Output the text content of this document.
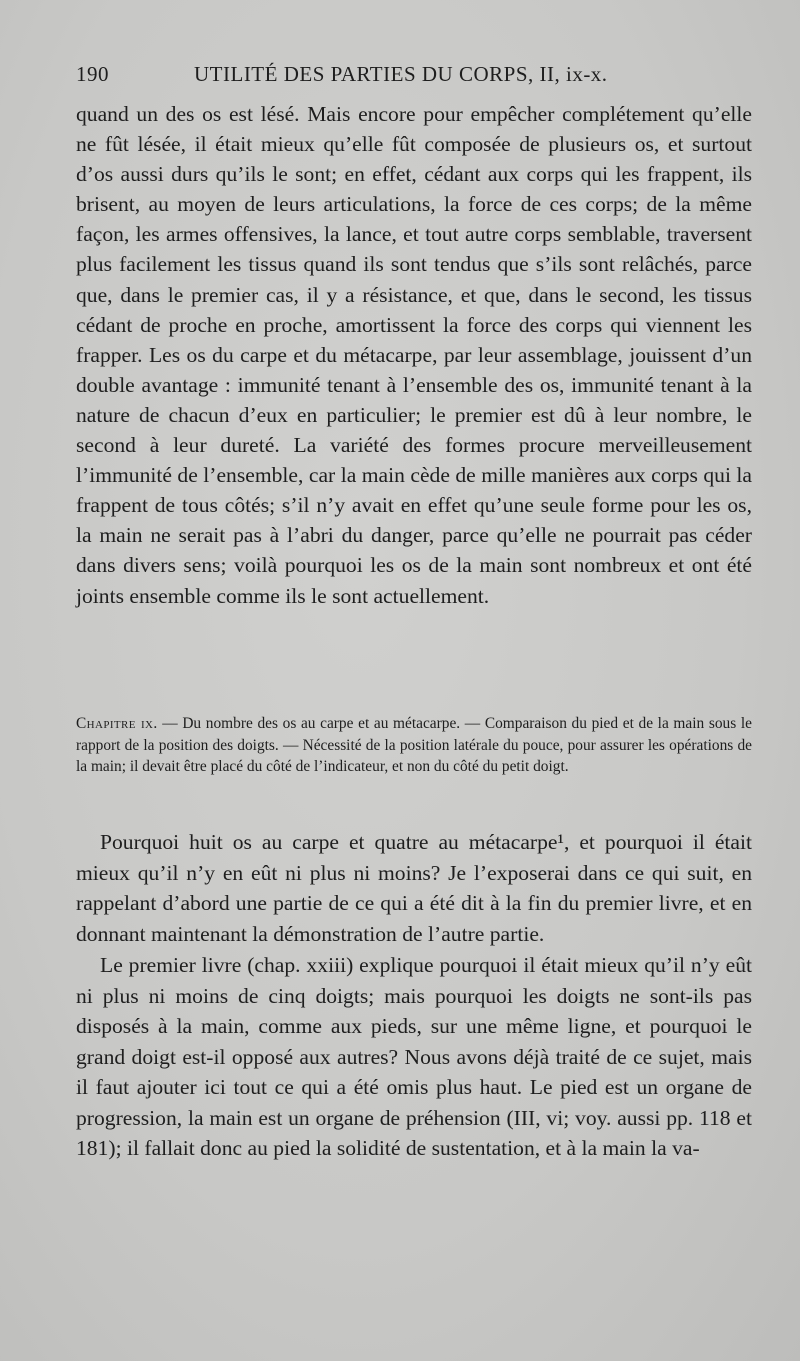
190	UTILITÉ DES PARTIES DU CORPS, II, ix-x.

quand un des os est lésé. Mais encore pour empêcher complétement qu’elle ne fût lésée, il était mieux qu’elle fût composée de plusieurs os, et surtout d’os aussi durs qu’ils le sont; en effet, cédant aux corps qui les frappent, ils brisent, au moyen de leurs articulations, la force de ces corps; de la même façon, les armes offensives, la lance, et tout autre corps semblable, traversent plus facilement les tissus quand ils sont tendus que s’ils sont relâchés, parce que, dans le premier cas, il y a résistance, et que, dans le second, les tissus cédant de proche en proche, amortissent la force des corps qui viennent les frapper. Les os du carpe et du métacarpe, par leur assemblage, jouissent d’un double avantage : immunité tenant à l’ensemble des os, immunité tenant à la nature de chacun d’eux en particulier; le premier est dû à leur nombre, le second à leur dureté. La variété des formes procure merveilleusement l’immunité de l’ensemble, car la main cède de mille manières aux corps qui la frappent de tous côtés; s’il n’y avait en effet qu’une seule forme pour les os, la main ne serait pas à l’abri du danger, parce qu’elle ne pourrait pas céder dans divers sens; voilà pourquoi les os de la main sont nombreux et ont été joints ensemble comme ils le sont actuellement.

Chapitre ix. — Du nombre des os au carpe et au métacarpe. — Comparaison du pied et de la main sous le rapport de la position des doigts. — Nécessité de la position latérale du pouce, pour assurer les opérations de la main; il devait être placé du côté de l’indicateur, et non du côté du petit doigt.

Pourquoi huit os au carpe et quatre au métacarpe¹, et pourquoi il était mieux qu’il n’y en eût ni plus ni moins? Je l’exposerai dans ce qui suit, en rappelant d’abord une partie de ce qui a été dit à la fin du premier livre, et en donnant maintenant la démonstration de l’autre partie.

Le premier livre (chap. xxiii) explique pourquoi il était mieux qu’il n’y eût ni plus ni moins de cinq doigts; mais pourquoi les doigts ne sont-ils pas disposés à la main, comme aux pieds, sur une même ligne, et pourquoi le grand doigt est-il opposé aux autres? Nous avons déjà traité de ce sujet, mais il faut ajouter ici tout ce qui a été omis plus haut. Le pied est un organe de progression, la main est un organe de préhension (III, vi; voy. aussi pp. 118 et 181); il fallait donc au pied la solidité de sustentation, et à la main la va-
